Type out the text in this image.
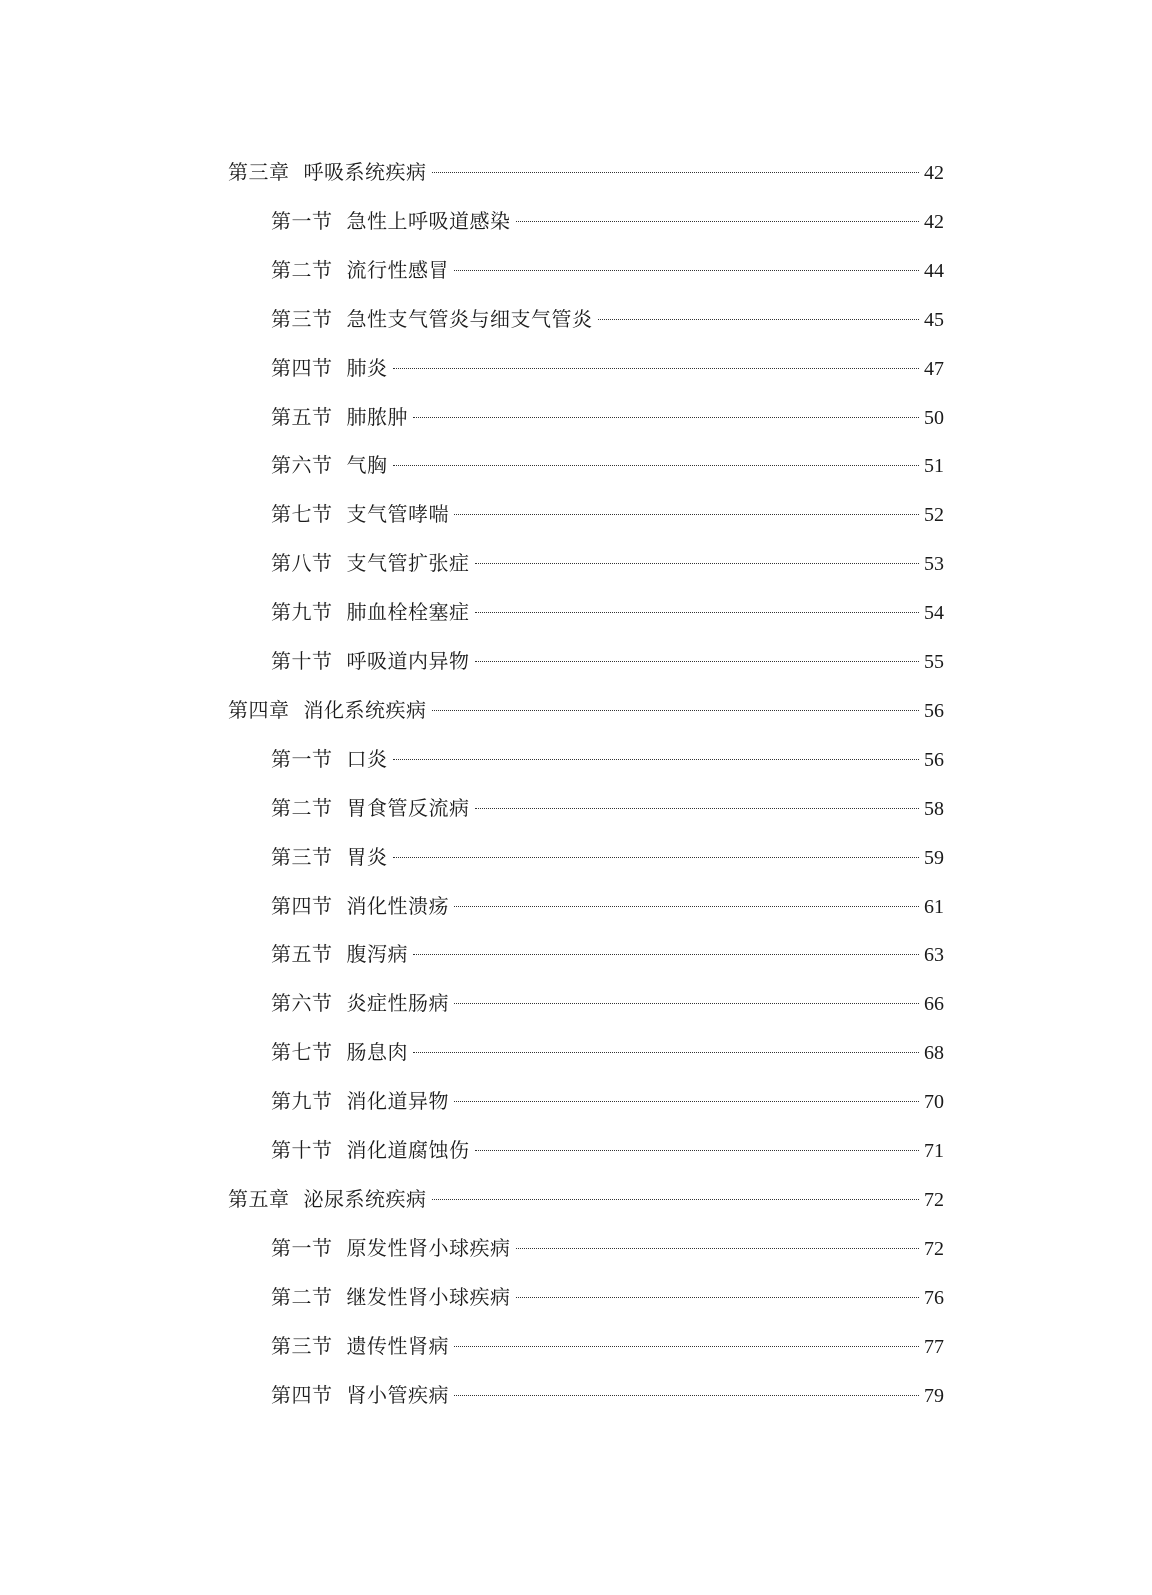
第三章 呼吸系统疾病	42
第一节 急性上呼吸道感染	42
第二节 流行性感冒	44
第三节 急性支气管炎与细支气管炎	45
第四节 肺炎	47
第五节 肺脓肿	50
第六节 气胸	51
第七节 支气管哮喘	52
第八节 支气管扩张症	53
第九节 肺血栓栓塞症	54
第十节 呼吸道内异物	55
第四章 消化系统疾病	56
第一节 口炎	56
第二节 胃食管反流病	58
第三节 胃炎	59
第四节 消化性溃疡	61
第五节 腹泻病	63
第六节 炎症性肠病	66
第七节 肠息肉	68
第九节 消化道异物	70
第十节 消化道腐蚀伤	71
第五章 泌尿系统疾病	72
第一节 原发性肾小球疾病	72
第二节 继发性肾小球疾病	76
第三节 遗传性肾病	77
第四节 肾小管疾病	79
